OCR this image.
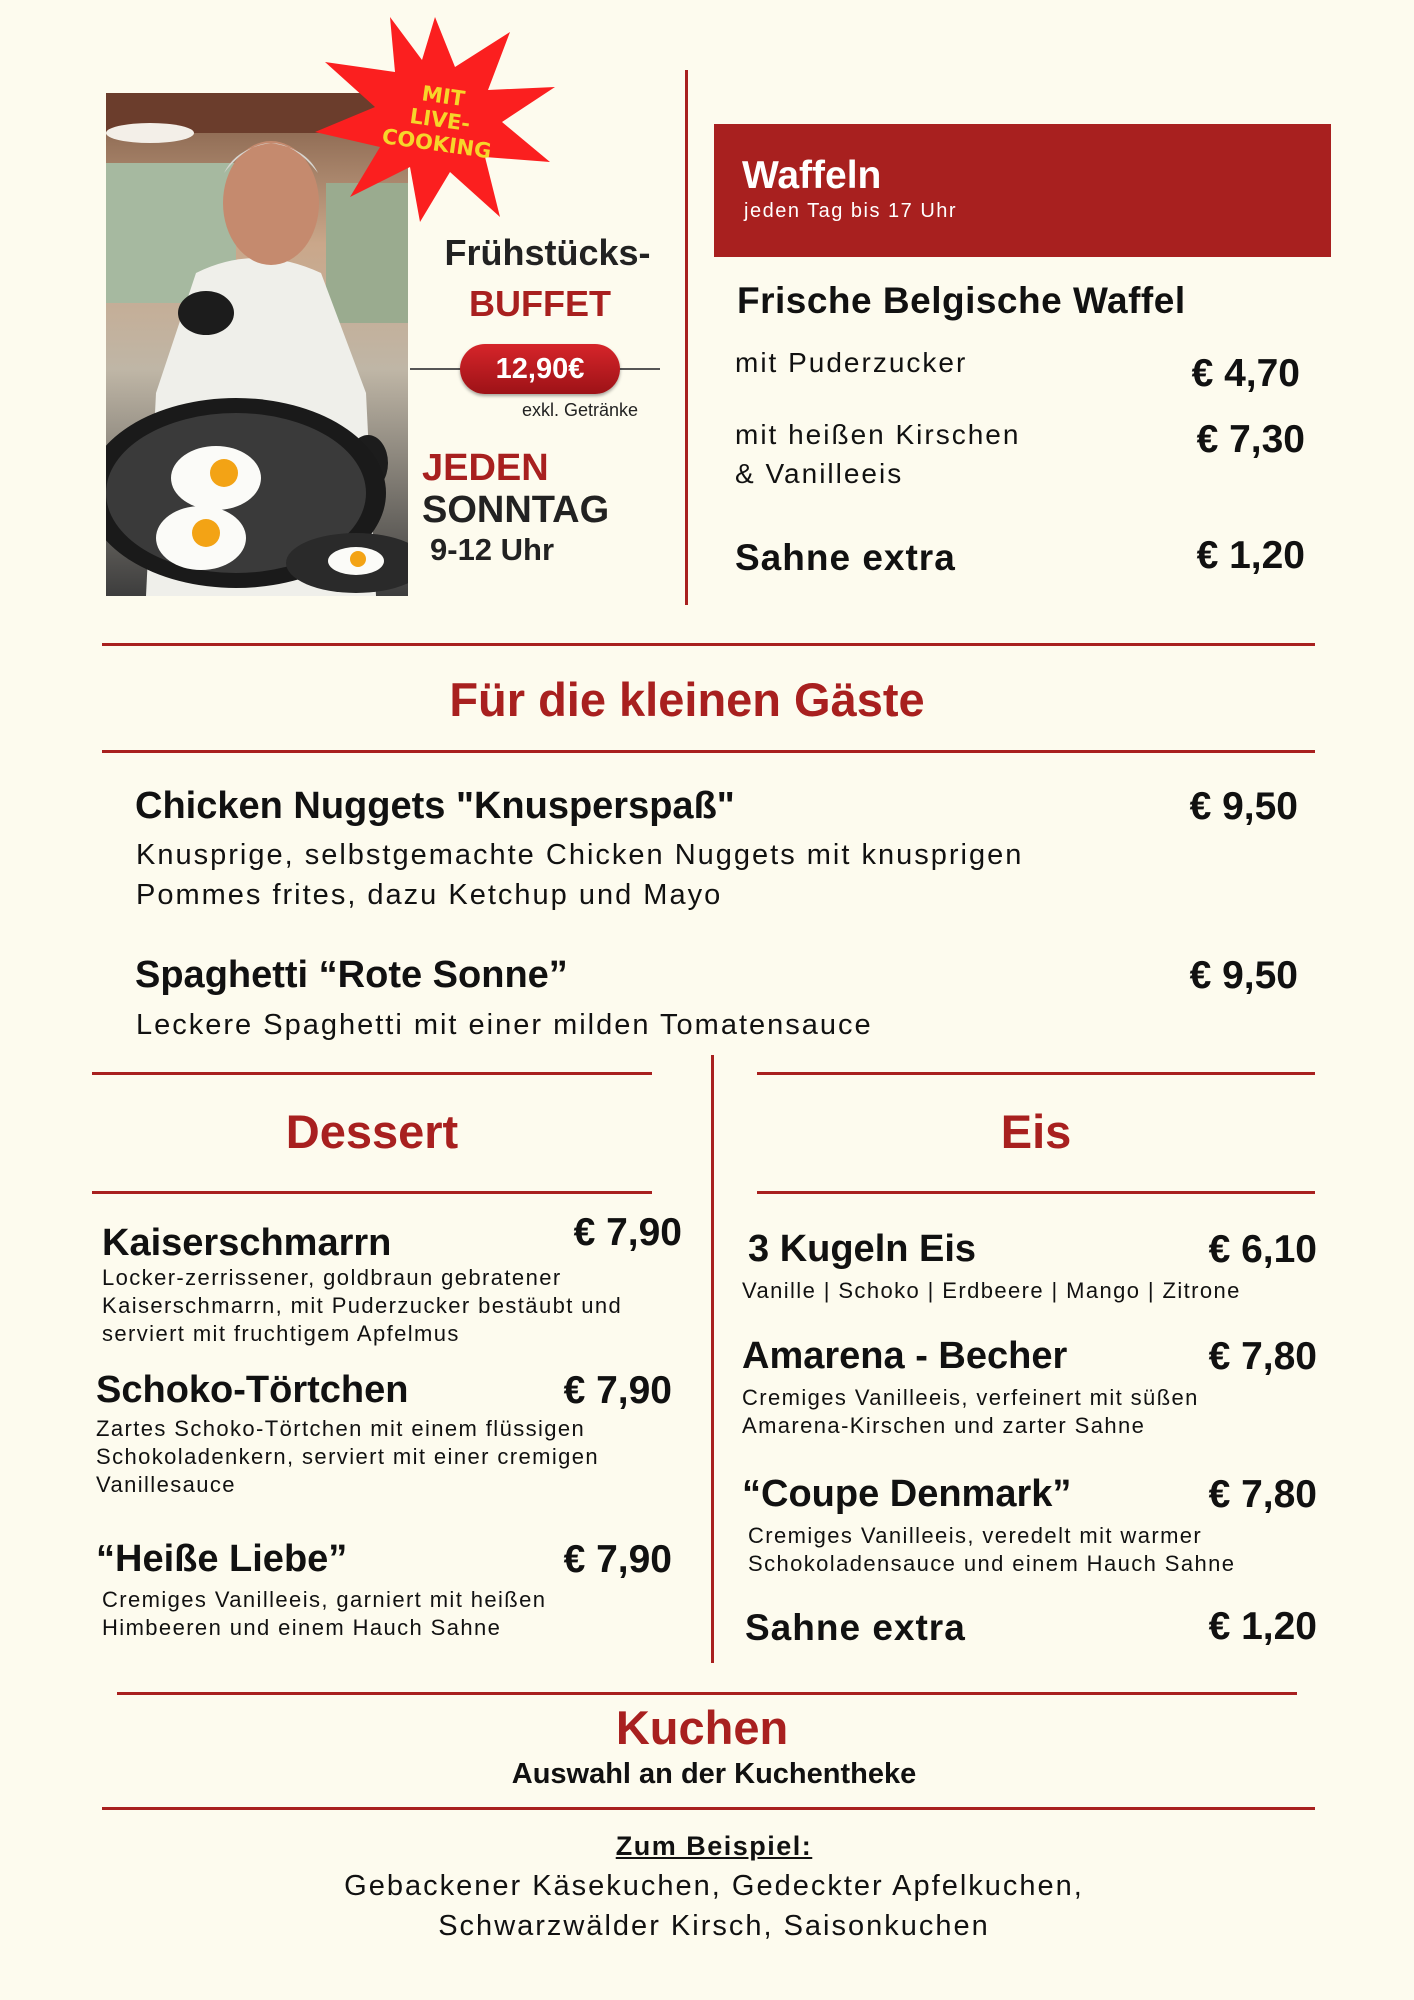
MIT
LIVE-COOKING
Frühstücks-
BUFFET
12,90€
exkl. Getränke
JEDEN
SONNTAG
9-12 Uhr
Waffeln
jeden Tag bis 17 Uhr
Frische Belgische Waffel
mit Puderzucker	€ 4,70
mit heißen Kirschen
& Vanilleeis
€ 7,30
Sahne extra	€ 1,20
Für die kleinen Gäste
Chicken Nuggets "Knusperspaß"	€ 9,50
Knusprige, selbstgemachte Chicken Nuggets mit knusprigen
Pommes frites, dazu Ketchup und Mayo
Spaghetti “Rote Sonne”	€ 9,50
Leckere Spaghetti mit einer milden Tomatensauce
Dessert	Eis
Kaiserschmarrn	€ 7,90
Locker-zerrissener, goldbraun gebratener
Kaiserschmarrn, mit Puderzucker bestäubt und
serviert mit fruchtigem Apfelmus
Schoko-Törtchen	€ 7,90
Zartes Schoko-Törtchen mit einem flüssigen
Schokoladenkern, serviert mit einer cremigen
Vanillesauce
“Heiße Liebe”	€ 7,90
Cremiges Vanilleeis, garniert mit heißen
Himbeeren und einem Hauch Sahne
3 Kugeln Eis	€ 6,10
Vanille | Schoko | Erdbeere | Mango | Zitrone
Amarena - Becher	€ 7,80
Cremiges Vanilleeis, verfeinert mit süßen
Amarena-Kirschen und zarter Sahne
“Coupe Denmark”	€ 7,80
Cremiges Vanilleeis, veredelt mit warmer
Schokoladensauce und einem Hauch Sahne
Sahne extra	€ 1,20
Kuchen
Auswahl an der Kuchentheke
Zum Beispiel:
Gebackener Käsekuchen, Gedeckter Apfelkuchen,
Schwarzwälder Kirsch, Saisonkuchen
